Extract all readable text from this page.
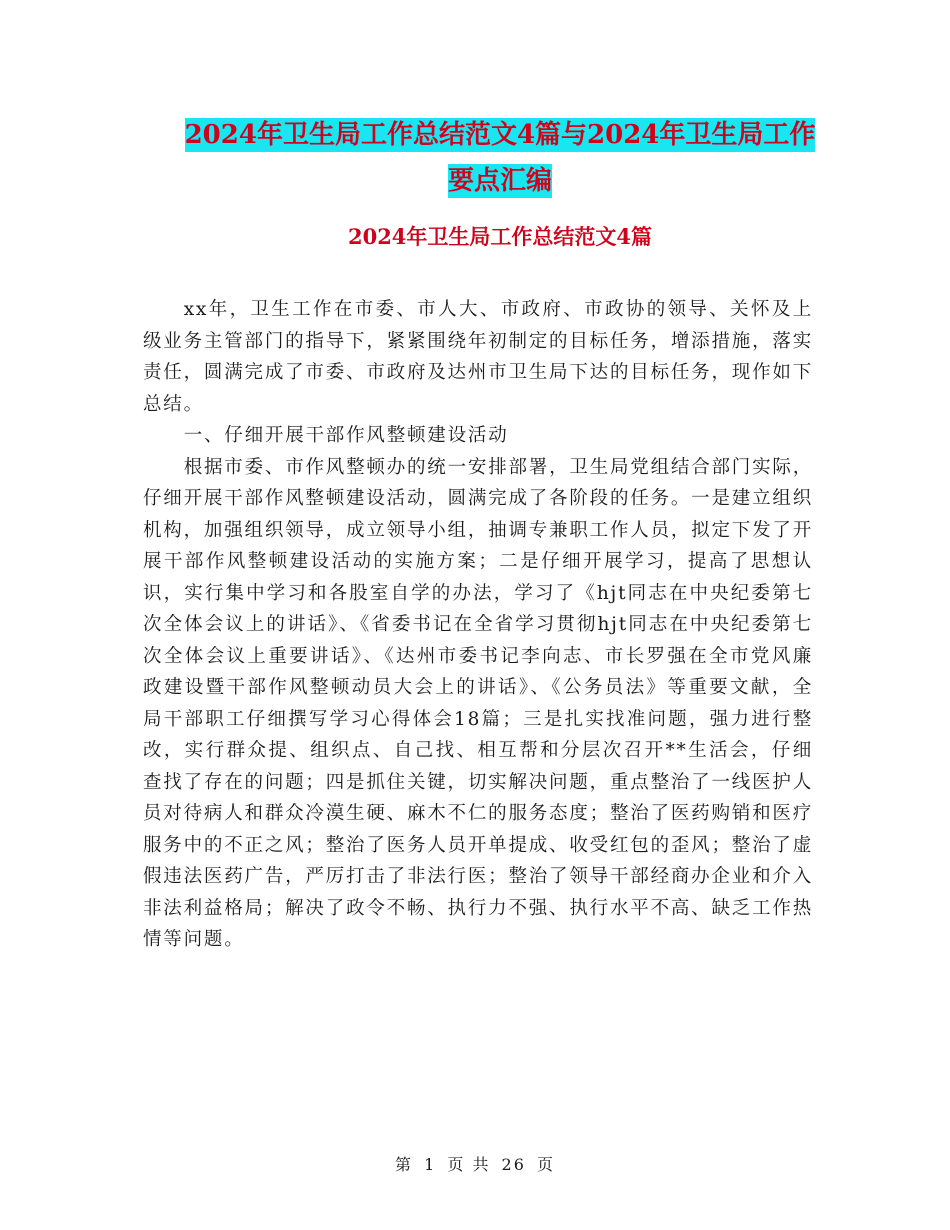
2024年卫生局工作总结范文4篇与2024年卫生局工作
要点汇编
2024年卫生局工作总结范文4篇

xx年，卫生工作在市委、市人大、市政府、市政协的领导、关怀及上级业务主管部门的指导下，紧紧围绕年初制定的目标任务，增添措施，落实责任，圆满完成了市委、市政府及达州市卫生局下达的目标任务，现作如下总结。

一、仔细开展干部作风整顿建设活动

根据市委、市作风整顿办的统一安排部署，卫生局党组结合部门实际，仔细开展干部作风整顿建设活动，圆满完成了各阶段的任务。一是建立组织机构，加强组织领导，成立领导小组，抽调专兼职工作人员，拟定下发了开展干部作风整顿建设活动的实施方案；二是仔细开展学习，提高了思想认识，实行集中学习和各股室自学的办法，学习了《hjt同志在中央纪委第七次全体会议上的讲话》、《省委书记在全省学习贯彻hjt同志在中央纪委第七次全体会议上重要讲话》、《达州市委书记李向志、市长罗强在全市党风廉政建设暨干部作风整顿动员大会上的讲话》、《公务员法》等重要文献，全局干部职工仔细撰写学习心得体会18篇；三是扎实找准问题，强力进行整改，实行群众提、组织点、自己找、相互帮和分层次召开**生活会，仔细查找了存在的问题；四是抓住关键，切实解决问题，重点整治了一线医护人员对待病人和群众冷漠生硬、麻木不仁的服务态度；整治了医药购销和医疗服务中的不正之风；整治了医务人员开单提成、收受红包的歪风；整治了虚假违法医药广告，严厉打击了非法行医；整治了领导干部经商办企业和介入非法利益格局；解决了政令不畅、执行力不强、执行水平不高、缺乏工作热情等问题。

第 1 页 共 26 页
